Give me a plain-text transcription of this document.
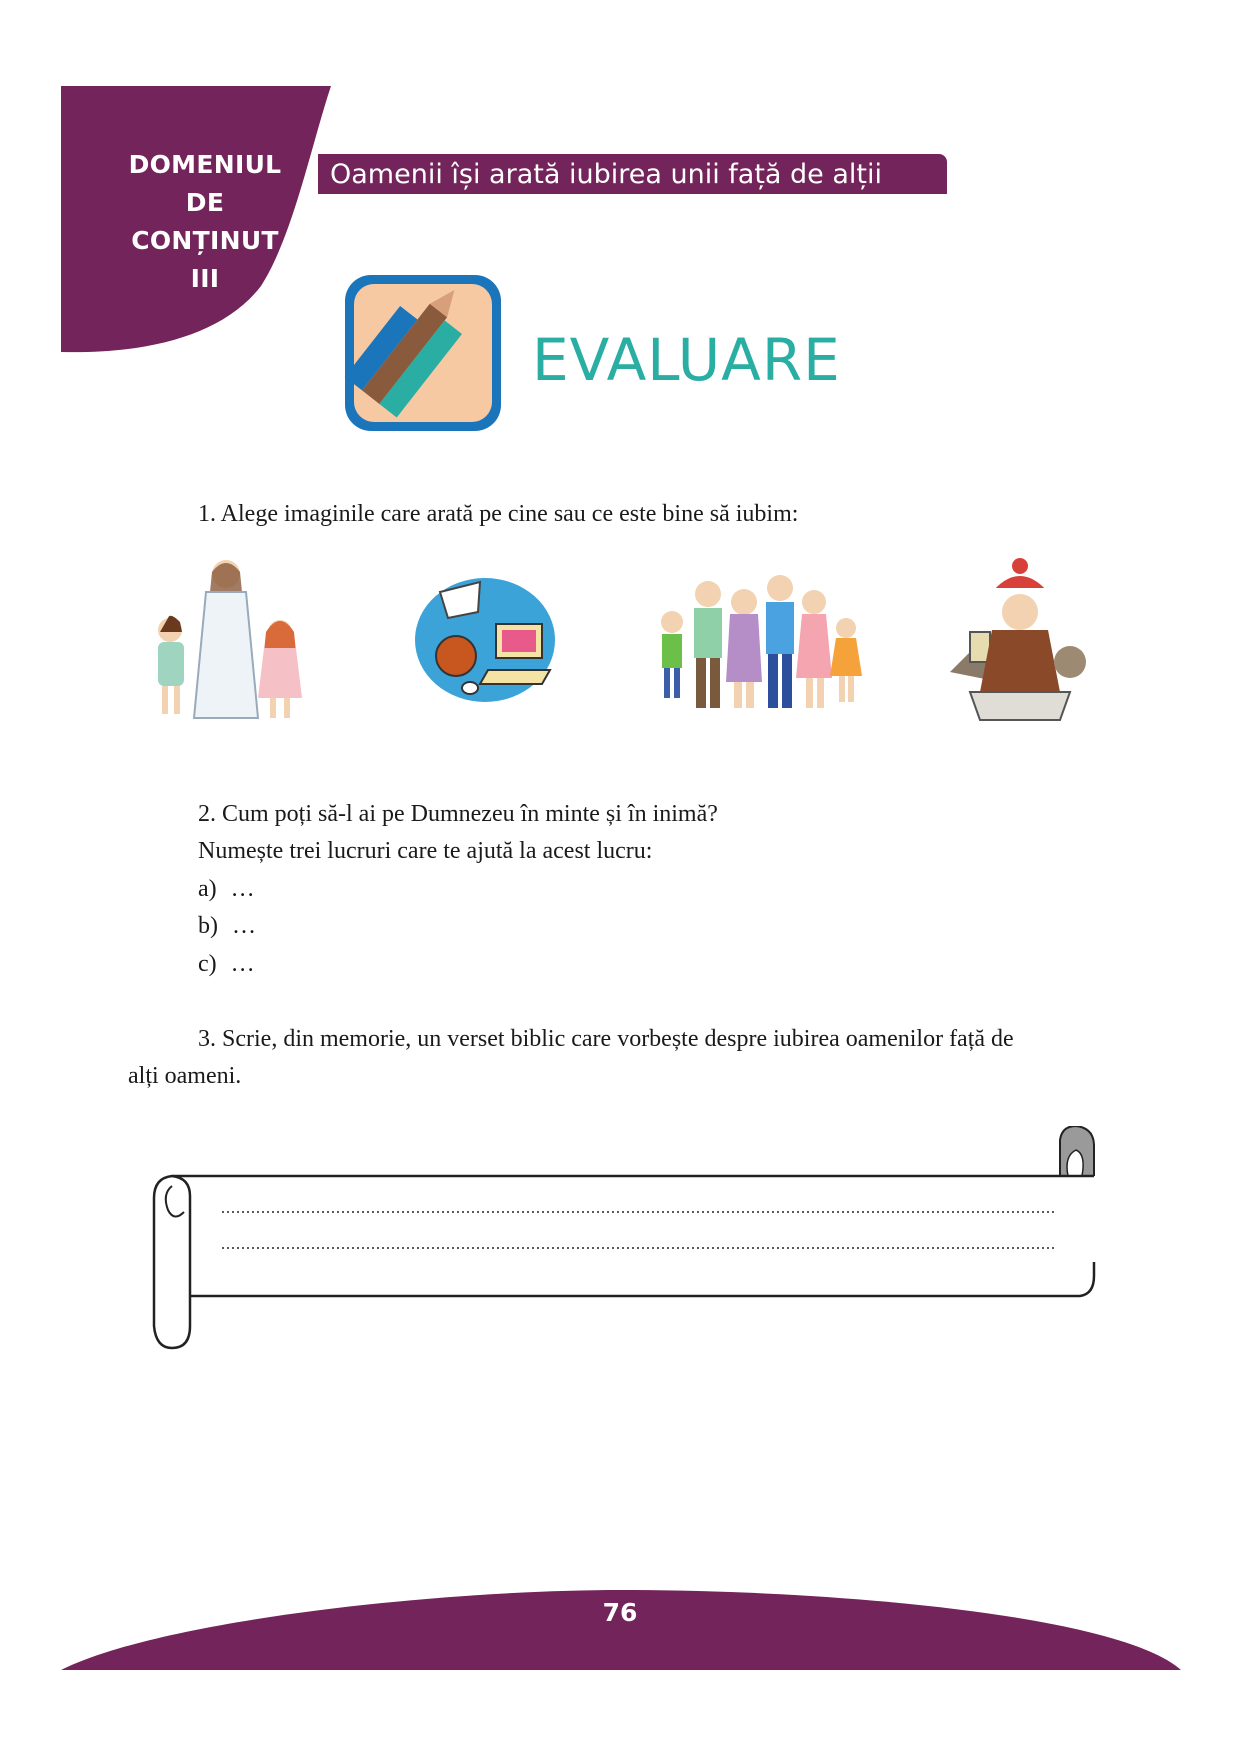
DOMENIUL
DE
CONȚINUT
III
Oamenii își arată iubirea unii față de alții
EVALUARE
1. Alege imaginile care arată pe cine sau ce este bine să iubim:
2. Cum poți să-l ai pe Dumnezeu în minte și în inimă?
Numește trei lucruri care te ajută la acest lucru:
a) …
b) …
c) …
3. Scrie, din memorie, un verset biblic care vorbește despre iubirea oamenilor față de
alți oameni.
76
